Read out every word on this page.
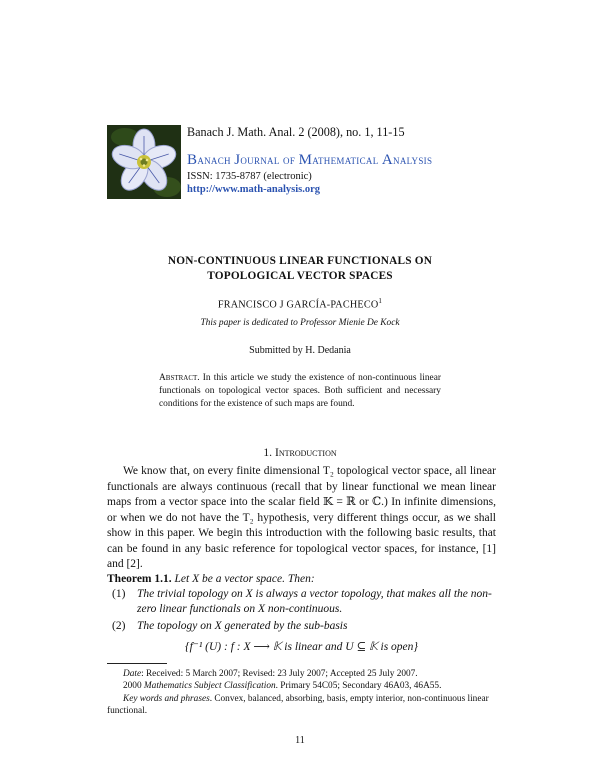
Banach J. Math. Anal. 2 (2008), no. 1, 11-15
Banach Journal of Mathematical Analysis
ISSN: 1735-8787 (electronic)
http://www.math-analysis.org
NON-CONTINUOUS LINEAR FUNCTIONALS ON
TOPOLOGICAL VECTOR SPACES
FRANCISCO J GARCÍA-PACHECO$^1$
This paper is dedicated to Professor Mienie De Kock
Submitted by H. Dedania
Abstract. In this article we study the existence of non-continuous linear functionals on topological vector spaces. Both sufficient and necessary conditions for the existence of such maps are found.
1. Introduction
We know that, on every finite dimensional T₂ topological vector space, all linear functionals are always continuous (recall that by linear functional we mean linear maps from a vector space into the scalar field 𝕂 = ℝ or ℂ.) In infinite dimensions, or when we do not have the T₂ hypothesis, very different things occur, as we shall show in this paper. We begin this introduction with the following basic results, that can be found in any basic reference for topological vector spaces, for instance, [1] and [2].
Theorem 1.1. Let X be a vector space. Then:
(1) The trivial topology on X is always a vector topology, that makes all the non-zero linear functionals on X non-continuous.
(2) The topology on X generated by the sub-basis
{f⁻¹ (U) : f : X ⟶ 𝕂 is linear and U ⊆ 𝕂 is open}
Date: Received: 5 March 2007; Revised: 23 July 2007; Accepted 25 July 2007.
2000 Mathematics Subject Classification. Primary 54C05; Secondary 46A03, 46A55.
Key words and phrases. Convex, balanced, absorbing, basis, empty interior, non-continuous linear functional.
11
